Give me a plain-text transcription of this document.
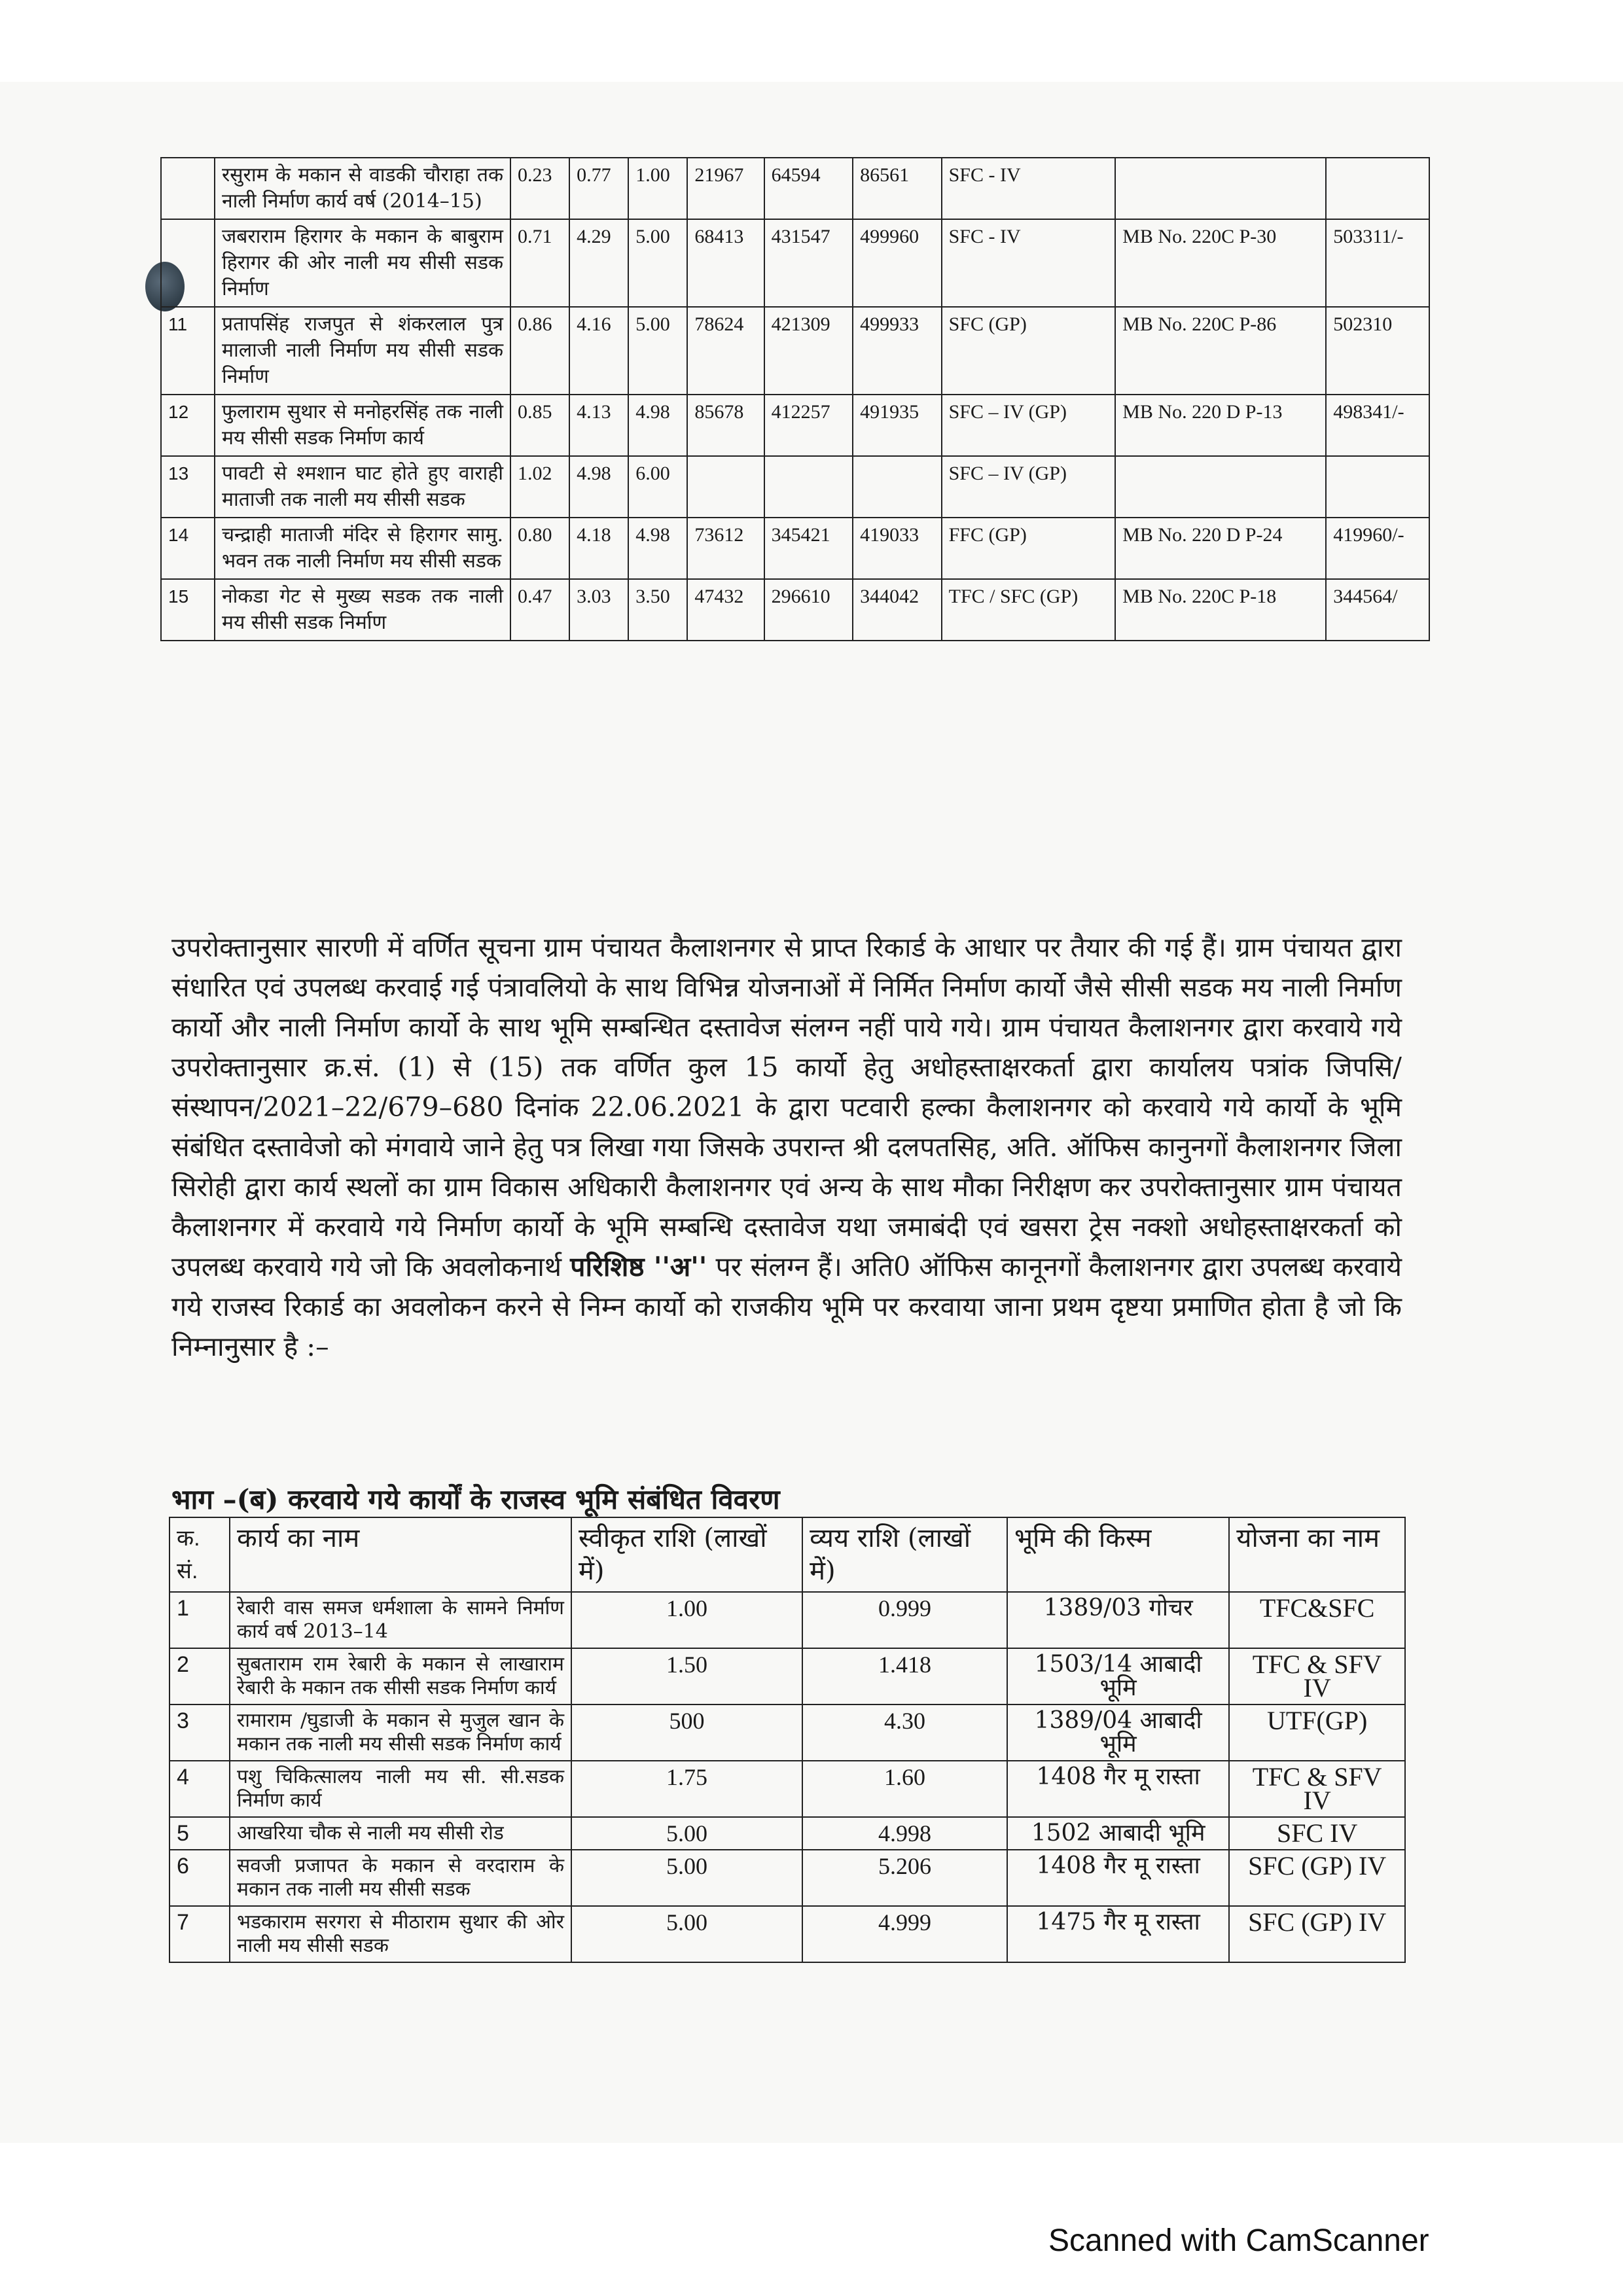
	रसुराम के मकान से वाडकी चौराहा तक नाली निर्माण कार्य वर्ष (2014–15)	0.23	0.77	1.00	21967	64594	86561	SFC - IV		
	जबराराम हिरागर के मकान के बाबुराम हिरागर की ओर नाली मय सीसी सडक निर्माण	0.71	4.29	5.00	68413	431547	499960	SFC - IV	MB No. 220C P-30	503311/-
11	प्रतापसिंह राजपुत से शंकरलाल पुत्र मालाजी नाली निर्माण मय सीसी सडक निर्माण	0.86	4.16	5.00	78624	421309	499933	SFC (GP)	MB No. 220C P-86	502310
12	फुलाराम सुथार से मनोहरसिंह तक नाली मय सीसी सडक निर्माण कार्य	0.85	4.13	4.98	85678	412257	491935	SFC – IV (GP)	MB No. 220 D P-13	498341/-
13	पावटी से श्मशान घाट होते हुए वाराही माताजी तक नाली मय सीसी सडक	1.02	4.98	6.00				SFC – IV (GP)		
14	चन्द्राही माताजी मंदिर से हिरागर सामु. भवन तक नाली निर्माण मय सीसी सडक	0.80	4.18	4.98	73612	345421	419033	FFC (GP)	MB No. 220 D P-24	419960/-
15	नोकडा गेट से मुख्य सडक तक नाली मय सीसी सडक निर्माण	0.47	3.03	3.50	47432	296610	344042	TFC / SFC (GP)	MB No. 220C P-18	344564/
उपरोक्तानुसार सारणी में वर्णित सूचना ग्राम पंचायत कैलाशनगर से प्राप्त रिकार्ड के आधार पर तैयार की गई हैं। ग्राम पंचायत द्वारा संधारित एवं उपलब्ध करवाई गई पंत्रावलियो के साथ विभिन्न योजनाओं में निर्मित निर्माण कार्यो जैसे सीसी सडक मय नाली निर्माण कार्यो और नाली निर्माण कार्यो के साथ भूमि सम्बन्धित दस्तावेज संलग्न नहीं पाये गये। ग्राम पंचायत कैलाशनगर द्वारा करवाये गये उपरोक्तानुसार क्र.सं. (1) से (15) तक वर्णित कुल 15 कार्यो हेतु अधोहस्ताक्षरकर्ता द्वारा कार्यालय पत्रांक जिपसि/संस्थापन/2021–22/679–680 दिनांक 22.06.2021 के द्वारा पटवारी हल्का कैलाशनगर को करवाये गये कार्यो के भूमि संबंधित दस्तावेजो को मंगवाये जाने हेतु पत्र लिखा गया जिसके उपरान्त श्री दलपतसिह, अति. ऑफिस कानुनगों कैलाशनगर जिला सिरोही द्वारा कार्य स्थलों का ग्राम विकास अधिकारी कैलाशनगर एवं अन्य के साथ मौका निरीक्षण कर उपरोक्तानुसार ग्राम पंचायत कैलाशनगर में करवाये गये निर्माण कार्यो के भूमि सम्बन्धि दस्तावेज यथा जमाबंदी एवं खसरा ट्रेस नक्शो अधोहस्ताक्षरकर्ता को उपलब्ध करवाये गये जो कि अवलोकनार्थ परिशिष्ठ ''अ'' पर संलग्न हैं। अति0 ऑफिस कानूनगों कैलाशनगर द्वारा उपलब्ध करवाये गये राजस्व रिकार्ड का अवलोकन करने से निम्न कार्यो को राजकीय भूमि पर करवाया जाना प्रथम दृष्टया प्रमाणित होता है जो कि निम्नानुसार है :–
भाग –(ब) करवाये गये कार्यों के राजस्व भूमि संबंधित विवरण
क. सं.	कार्य का नाम	स्वीकृत राशि (लाखों में)	व्यय राशि (लाखों में)	भूमि की किस्म	योजना का नाम
1	रेबारी वास समज धर्मशाला के सामने निर्माण कार्य वर्ष 2013–14	1.00	0.999	1389/03 गोचर	TFC&SFC
2	सुबताराम राम रेबारी के मकान से लाखाराम रेबारी के मकान तक सीसी सडक निर्माण कार्य	1.50	1.418	1503/14 आबादी भूमि	TFC & SFV IV
3	रामाराम /घुडाजी के मकान से मुजुल खान के मकान तक नाली मय सीसी सडक निर्माण कार्य	500	4.30	1389/04 आबादी भूमि	UTF(GP)
4	पशु चिकित्सालय नाली मय सी. सी.सडक निर्माण कार्य	1.75	1.60	1408 गैर मू रास्ता	TFC & SFV IV
5	आखरिया चौक से नाली मय सीसी रोड	5.00	4.998	1502 आबादी भूमि	SFC IV
6	सवजी प्रजापत के मकान से वरदाराम के मकान तक नाली मय सीसी सडक	5.00	5.206	1408 गैर मू रास्ता	SFC (GP) IV
7	भडकाराम सरगरा से मीठाराम सुथार की ओर नाली मय सीसी सडक	5.00	4.999	1475 गैर मू रास्ता	SFC (GP) IV
Scanned with CamScanner
